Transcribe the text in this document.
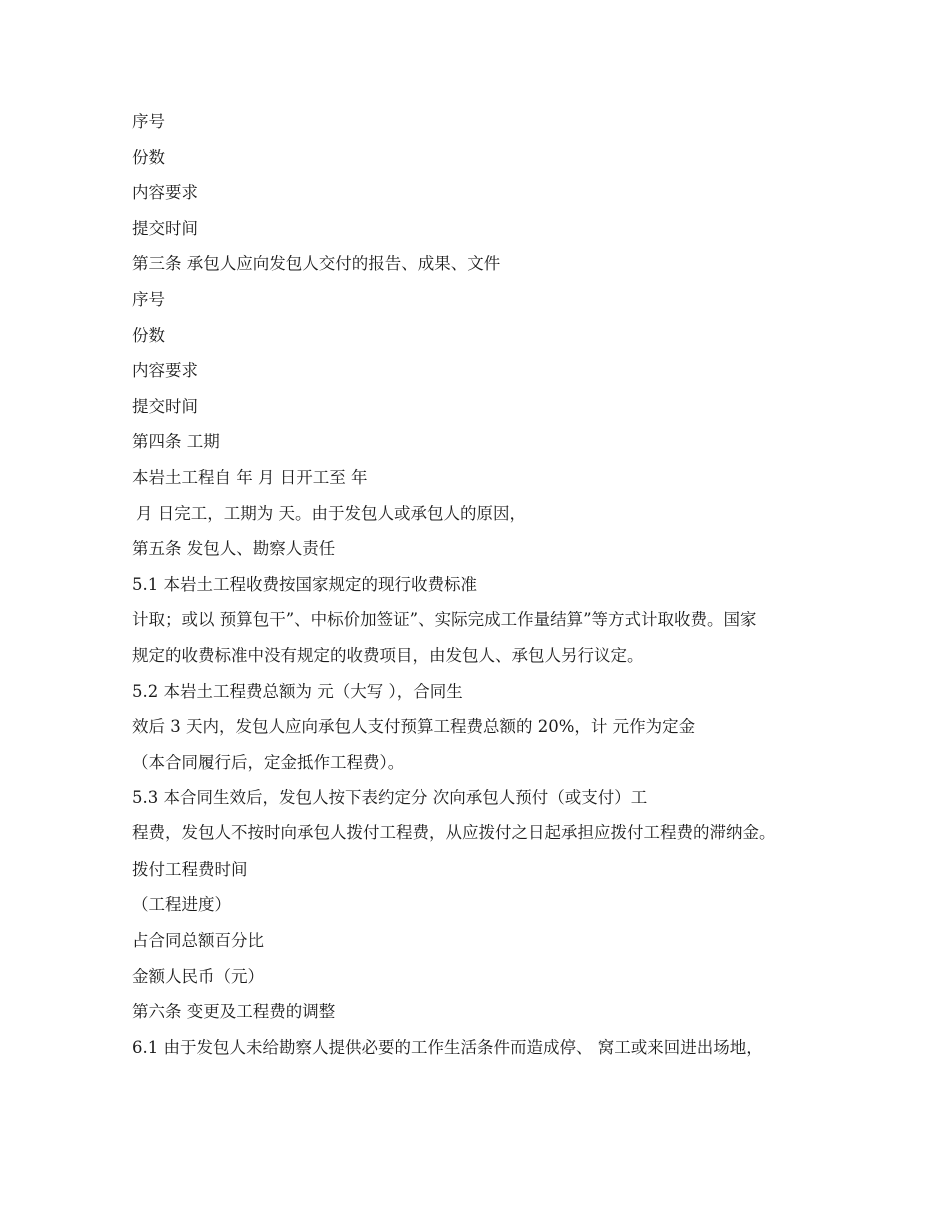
序号
份数
内容要求
提交时间
第三条 承包人应向发包人交付的报告、成果、文件
序号
份数
内容要求
提交时间
第四条 工期
本岩土工程自 年 月 日开工至 年
月 日完工，工期为 天。由于发包人或承包人的原因，
第五条 发包人、勘察人责任
5.1 本岩土工程收费按国家规定的现行收费标准
计取；或以 预算包干”、中标价加签证”、实际完成工作量结算”等方式计取收费。国家
规定的收费标准中没有规定的收费项目，由发包人、承包人另行议定。
5.2 本岩土工程费总额为 元（大写 ），合同生
效后 3 天内，发包人应向承包人支付预算工程费总额的 20%，计 元作为定金
（本合同履行后，定金抵作工程费）。
5.3 本合同生效后，发包人按下表约定分 次向承包人预付（或支付）工
程费，发包人不按时向承包人拨付工程费，从应拨付之日起承担应拨付工程费的滞纳金。
拨付工程费时间
（工程进度）
占合同总额百分比
金额人民币（元）
第六条 变更及工程费的调整
6.1 由于发包人未给勘察人提供必要的工作生活条件而造成停、 窝工或来回进出场地，
